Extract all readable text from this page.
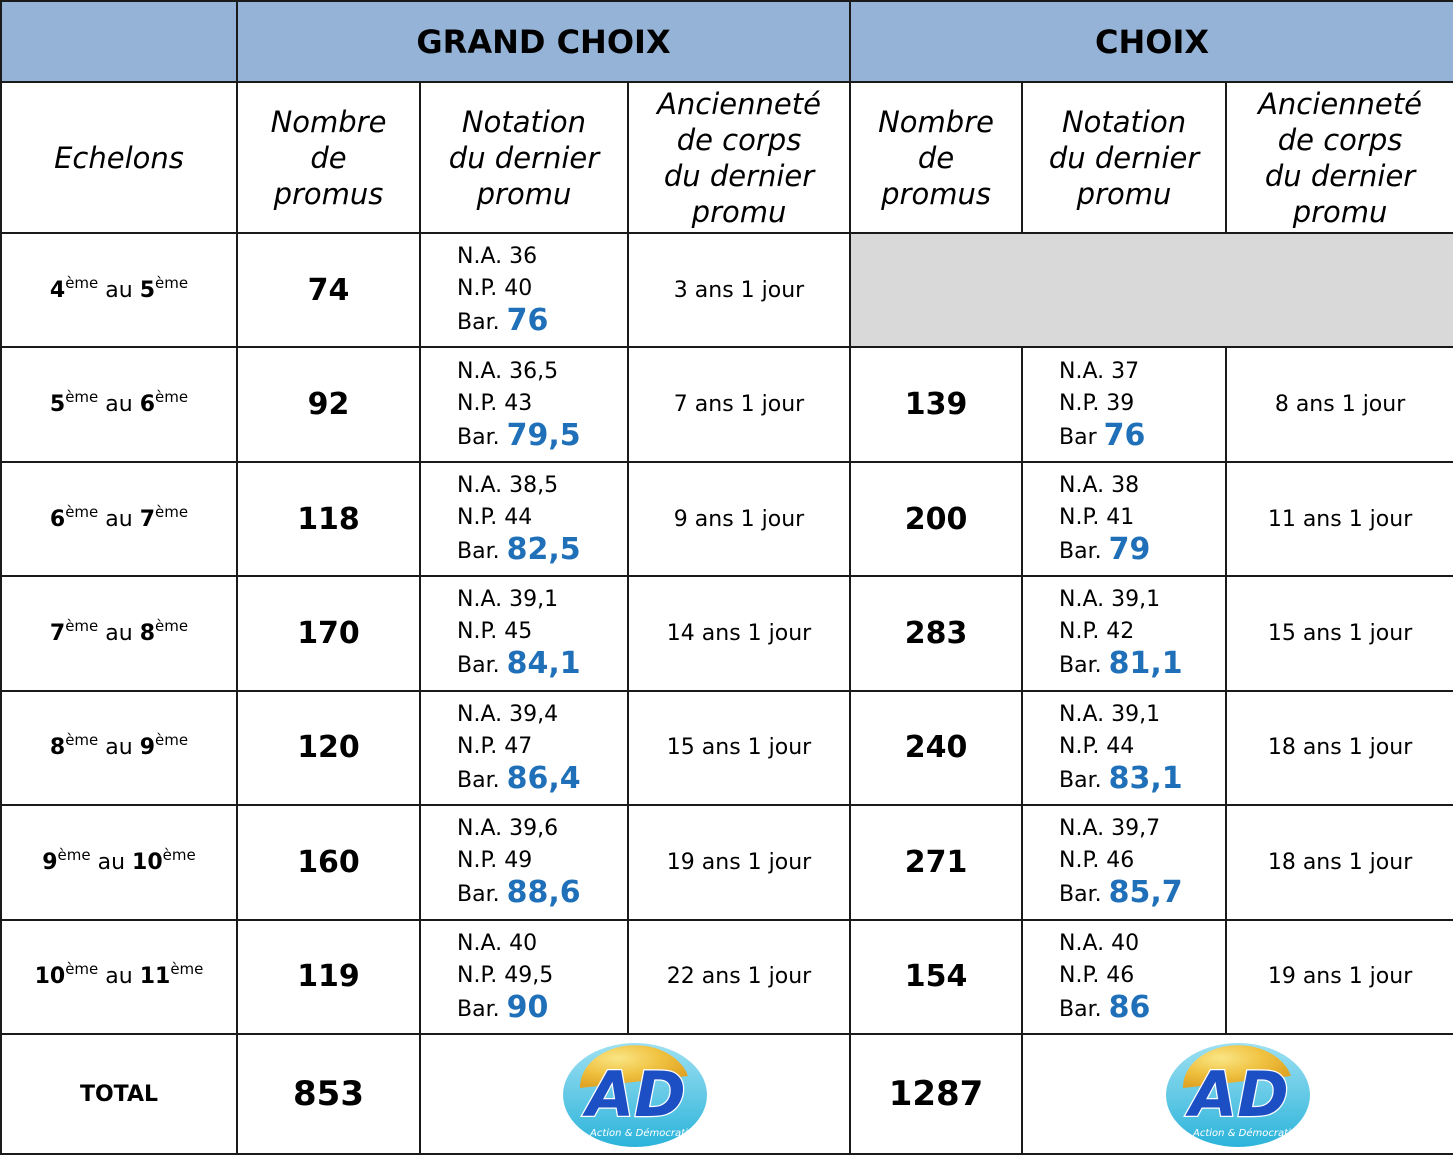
	GRAND CHOIX			CHOIX		
Echelons	Nombre
de
promus	Notation
du dernier
promu	Ancienneté
de corps
du dernier
promu	Nombre
de
promus	Notation
du dernier
promu	Ancienneté
de corps
du dernier
promu

4ème au 5ème	74	N.A. 36
N.P. 40
Bar. 76	3 ans 1 jour			
5ème au 6ème	92	N.A. 36,5
N.P. 43
Bar. 79,5	7 ans 1 jour	139	N.A. 37
N.P. 39
Bar 76	8 ans 1 jour
6ème au 7ème	118	N.A. 38,5
N.P. 44
Bar. 82,5	9 ans 1 jour	200	N.A. 38
N.P. 41
Bar. 79	11 ans 1 jour
7ème au 8ème	170	N.A. 39,1
N.P. 45
Bar. 84,1	14 ans 1 jour	283	N.A. 39,1
N.P. 42
Bar. 81,1	15 ans 1 jour
8ème au 9ème	120	N.A. 39,4
N.P. 47
Bar. 86,4	15 ans 1 jour	240	N.A. 39,1
N.P. 44
Bar. 83,1	18 ans 1 jour
9ème au 10ème	160	N.A. 39,6
N.P. 49
Bar. 88,6	19 ans 1 jour	271	N.A. 39,7
N.P. 46
Bar. 85,7	18 ans 1 jour
10ème au 11ème	119	N.A. 40
N.P. 49,5
Bar. 90	22 ans 1 jour	154	N.A. 40
N.P. 46
Bar. 86	19 ans 1 jour
TOTAL	853	AD
Action & Démocratie		1287	AD
Action & Démocratie	
